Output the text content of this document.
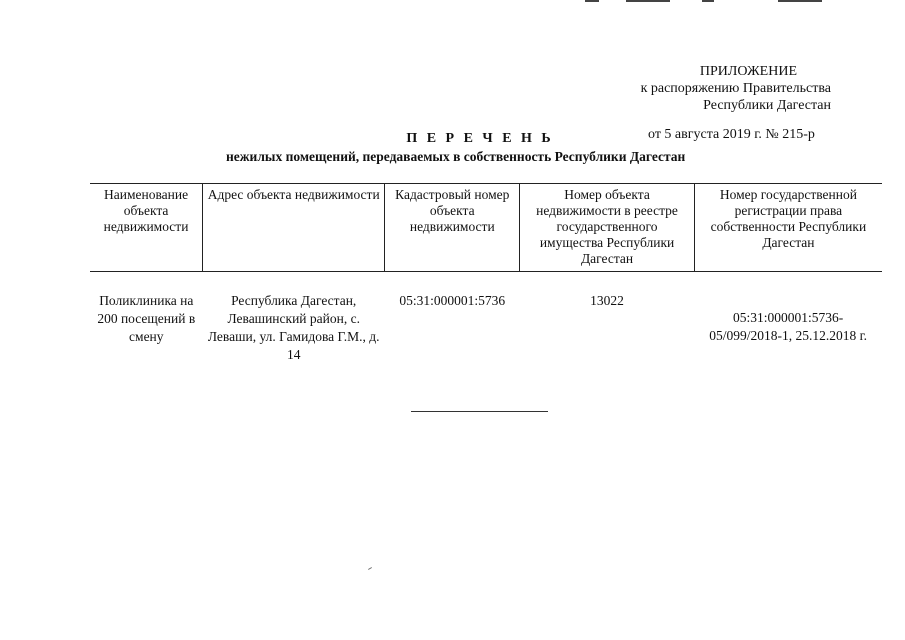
ПРИЛОЖЕНИЕ
к распоряжению Правительства
Республики Дагестан
от 5 августа 2019 г. № 215-р
П Е Р Е Ч Е Н Ь
нежилых помещений, передаваемых в собственность Республики Дагестан
Наименование объекта недвижимости	Адрес объекта недвижимости	Кадастровый номер объекта недвижимости	Номер объекта недвижимости в реестре государственного имущества Республики Дагестан	Номер государственной регистрации права собственности Республики Дагестан
Поликлиника на 200 посещений в смену	Республика Дагестан, Левашинский район, с. Леваши, ул. Гамидова Г.М., д. 14	05:31:000001:5736	13022	05:31:000001:5736-05/099/2018-1, 25.12.2018 г.
